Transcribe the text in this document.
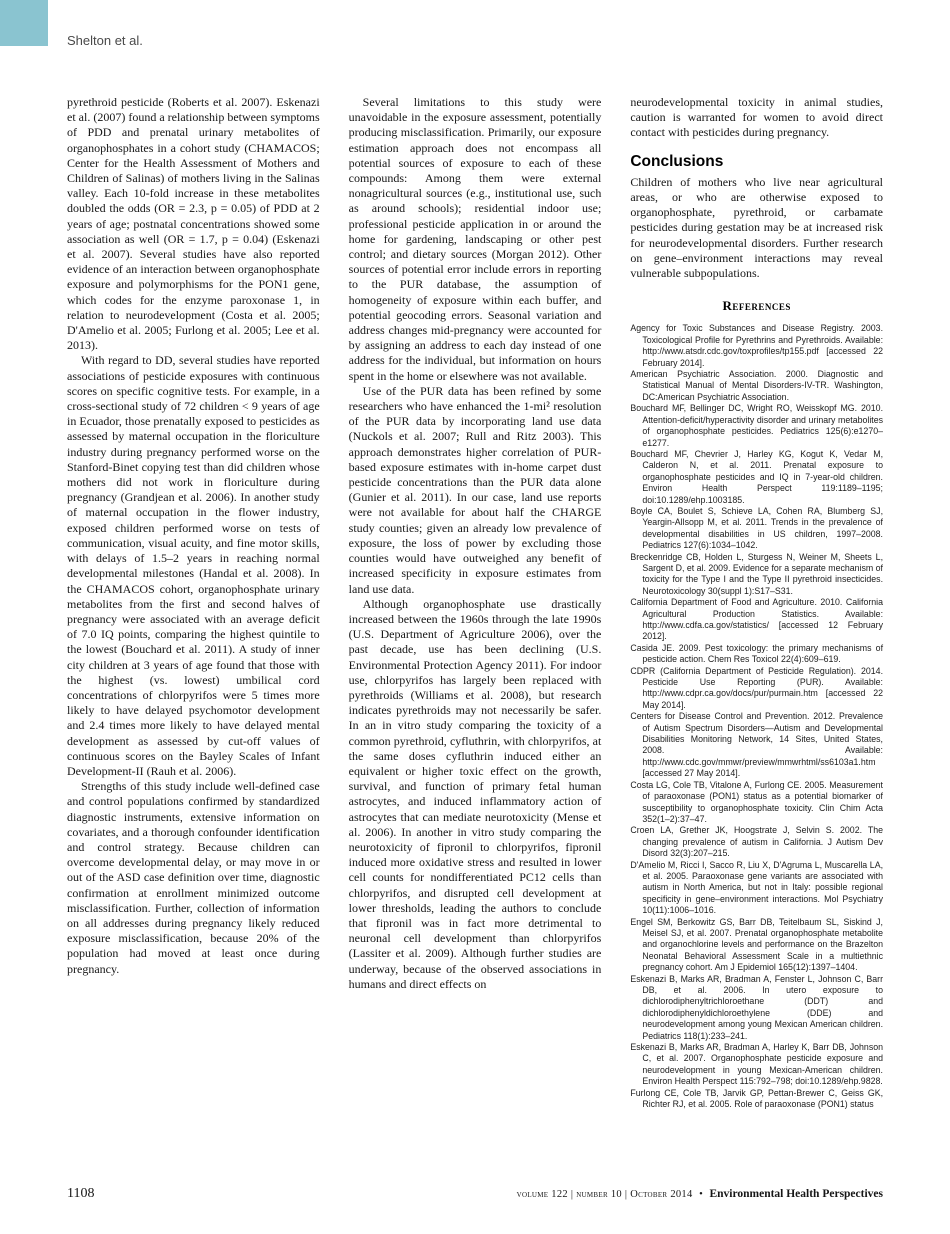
Shelton et al.

pyrethroid pesticide (Roberts et al. 2007). Eskenazi et al. (2007) found a relationship between symptoms of PDD and prenatal urinary metabolites of organophosphates in a cohort study (CHAMACOS; Center for the Health Assessment of Mothers and Children of Salinas) of mothers living in the Salinas valley. Each 10-fold increase in these metabolites doubled the odds (OR = 2.3, p = 0.05) of PDD at 2 years of age; postnatal concentrations showed some association as well (OR = 1.7, p = 0.04) (Eskenazi et al. 2007). Several studies have also reported evidence of an interaction between organophosphate exposure and polymorphisms for the PON1 gene, which codes for the enzyme paroxonase 1, in relation to neurodevelopment (Costa et al. 2005; D'Amelio et al. 2005; Furlong et al. 2005; Lee et al. 2013).

With regard to DD, several studies have reported associations of pesticide exposures with continuous scores on specific cognitive tests. For example, in a cross-sectional study of 72 children < 9 years of age in Ecuador, those prenatally exposed to pesticides as assessed by maternal occupation in the floriculture industry during pregnancy performed worse on the Stanford-Binet copying test than did children whose mothers did not work in floriculture during pregnancy (Grandjean et al. 2006). In another study of maternal occupation in the flower industry, exposed children performed worse on tests of communication, visual acuity, and fine motor skills, with delays of 1.5–2 years in reaching normal developmental milestones (Handal et al. 2008). In the CHAMACOS cohort, organophosphate urinary metabolites from the first and second halves of pregnancy were associated with an average deficit of 7.0 IQ points, comparing the highest quintile to the lowest (Bouchard et al. 2011). A study of inner city children at 3 years of age found that those with the highest (vs. lowest) umbilical cord concentrations of chlorpyrifos were 5 times more likely to have delayed psychomotor development and 2.4 times more likely to have delayed mental development as assessed by cut-off values of continuous scores on the Bayley Scales of Infant Development-II (Rauh et al. 2006).

Strengths of this study include well-defined case and control populations confirmed by standardized diagnostic instruments, extensive information on covariates, and a thorough confounder identification and control strategy. Because children can overcome developmental delay, or may move in or out of the ASD case definition over time, diagnostic confirmation at enrollment minimized outcome misclassification. Further, collection of information on all addresses during pregnancy likely reduced exposure misclassification, because 20% of the population had moved at least once during pregnancy.

Several limitations to this study were unavoidable in the exposure assessment, potentially producing misclassification. Primarily, our exposure estimation approach does not encompass all potential sources of exposure to each of these compounds: Among them were external nonagricultural sources (e.g., institutional use, such as around schools); residential indoor use; professional pesticide application in or around the home for gardening, landscaping or other pest control; and dietary sources (Morgan 2012). Other sources of potential error include errors in reporting to the PUR database, the assumption of homogeneity of exposure within each buffer, and potential geocoding errors. Seasonal variation and address changes mid-pregnancy were accounted for by assigning an address to each day instead of one address for the individual, but information on hours spent in the home or elsewhere was not available.

Use of the PUR data has been refined by some researchers who have enhanced the 1-mi² resolution of the PUR data by incorporating land use data (Nuckols et al. 2007; Rull and Ritz 2003). This approach demonstrates higher correlation of PUR-based exposure estimates with in-home carpet dust pesticide concentrations than the PUR data alone (Gunier et al. 2011). In our case, land use reports were not available for about half the CHARGE study counties; given an already low prevalence of exposure, the loss of power by excluding those counties would have outweighed any benefit of increased specificity in exposure estimates from land use data.

Although organophosphate use drastically increased between the 1960s through the late 1990s (U.S. Department of Agriculture 2006), over the past decade, use has been declining (U.S. Environmental Protection Agency 2011). For indoor use, chlorpyrifos has largely been replaced with pyrethroids (Williams et al. 2008), but research indicates pyrethroids may not necessarily be safer. In an in vitro study comparing the toxicity of a common pyrethroid, cyfluthrin, with chlorpyrifos, at the same doses cyfluthrin induced either an equivalent or higher toxic effect on the growth, survival, and function of primary fetal human astrocytes, and induced inflammatory action of astrocytes that can mediate neurotoxicity (Mense et al. 2006). In another in vitro study comparing the neurotoxicity of fipronil to chlorpyrifos, fipronil induced more oxidative stress and resulted in lower cell counts for nondifferentiated PC12 cells than chlorpyrifos, and disrupted cell development at lower thresholds, leading the authors to conclude that fipronil was in fact more detrimental to neuronal cell development than chlorpyrifos (Lassiter et al. 2009). Although further studies are underway, because of the observed associations in humans and direct effects on

neurodevelopmental toxicity in animal studies, caution is warranted for women to avoid direct contact with pesticides during pregnancy.

Conclusions

Children of mothers who live near agricultural areas, or who are otherwise exposed to organophosphate, pyrethroid, or carbamate pesticides during gestation may be at increased risk for neurodevelopmental disorders. Further research on gene–environment interactions may reveal vulnerable subpopulations.

References

Agency for Toxic Substances and Disease Registry. 2003. Toxicological Profile for Pyrethrins and Pyrethroids. Available: http://www.atsdr.cdc.gov/toxprofiles/tp155.pdf [accessed 22 February 2014].

American Psychiatric Association. 2000. Diagnostic and Statistical Manual of Mental Disorders-IV-TR. Washington, DC:American Psychiatric Association.

Bouchard MF, Bellinger DC, Wright RO, Weisskopf MG. 2010. Attention-deficit/hyperactivity disorder and urinary metabolites of organophosphate pesticides. Pediatrics 125(6):e1270–e1277.

Bouchard MF, Chevrier J, Harley KG, Kogut K, Vedar M, Calderon N, et al. 2011. Prenatal exposure to organophosphate pesticides and IQ in 7-year-old children. Environ Health Perspect 119:1189–1195; doi:10.1289/ehp.1003185.

Boyle CA, Boulet S, Schieve LA, Cohen RA, Blumberg SJ, Yeargin-Allsopp M, et al. 2011. Trends in the prevalence of developmental disabilities in US children, 1997–2008. Pediatrics 127(6):1034–1042.

Breckenridge CB, Holden L, Sturgess N, Weiner M, Sheets L, Sargent D, et al. 2009. Evidence for a separate mechanism of toxicity for the Type I and the Type II pyrethroid insecticides. Neurotoxicology 30(suppl 1):S17–S31.

California Department of Food and Agriculture. 2010. California Agricultural Production Statistics. Available: http://www.cdfa.ca.gov/statistics/ [accessed 12 February 2012].

Casida JE. 2009. Pest toxicology: the primary mechanisms of pesticide action. Chem Res Toxicol 22(4):609–619.

CDPR (California Department of Pesticide Regulation). 2014. Pesticide Use Reporting (PUR). Available: http://www.cdpr.ca.gov/docs/pur/purmain.htm [accessed 22 May 2014].

Centers for Disease Control and Prevention. 2012. Prevalence of Autism Spectrum Disorders—Autism and Developmental Disabilities Monitoring Network, 14 Sites, United States, 2008. Available: http://www.cdc.gov/mmwr/preview/mmwrhtml/ss6103a1.htm [accessed 27 May 2014].

Costa LG, Cole TB, Vitalone A, Furlong CE. 2005. Measurement of paraoxonase (PON1) status as a potential biomarker of susceptibility to organophosphate toxicity. Clin Chim Acta 352(1–2):37–47.

Croen LA, Grether JK, Hoogstrate J, Selvin S. 2002. The changing prevalence of autism in California. J Autism Dev Disord 32(3):207–215.

D'Amelio M, Ricci I, Sacco R, Liu X, D'Agruma L, Muscarella LA, et al. 2005. Paraoxonase gene variants are associated with autism in North America, but not in Italy: possible regional specificity in gene–environment interactions. Mol Psychiatry 10(11):1006–1016.

Engel SM, Berkowitz GS, Barr DB, Teitelbaum SL, Siskind J, Meisel SJ, et al. 2007. Prenatal organophosphate metabolite and organochlorine levels and performance on the Brazelton Neonatal Behavioral Assessment Scale in a multiethnic pregnancy cohort. Am J Epidemiol 165(12):1397–1404.

Eskenazi B, Marks AR, Bradman A, Fenster L, Johnson C, Barr DB, et al. 2006. In utero exposure to dichlorodiphenyltrichloroethane (DDT) and dichlorodiphenyldichloroethylene (DDE) and neurodevelopment among young Mexican American children. Pediatrics 118(1):233–241.

Eskenazi B, Marks AR, Bradman A, Harley K, Barr DB, Johnson C, et al. 2007. Organophosphate pesticide exposure and neurodevelopment in young Mexican-American children. Environ Health Perspect 115:792–798; doi:10.1289/ehp.9828.

Furlong CE, Cole TB, Jarvik GP, Pettan-Brewer C, Geiss GK, Richter RJ, et al. 2005. Role of paraoxonase (PON1) status

1108	volume 122 | number 10 | October 2014 • Environmental Health Perspectives
